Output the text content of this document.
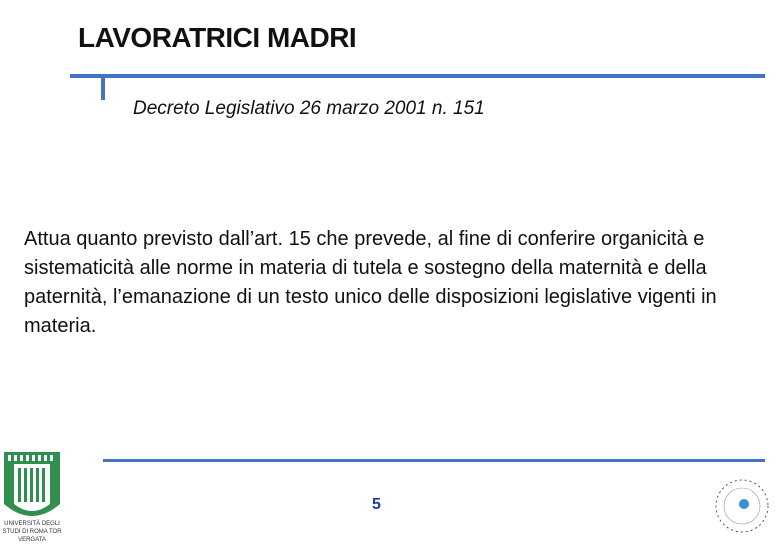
LAVORATRICI MADRI
Decreto Legislativo 26 marzo 2001 n. 151
Attua quanto previsto dall’art. 15 che prevede, al fine di conferire organicità e sistematicità alle norme in materia di tutela e sostegno della maternità e della paternità, l’emanazione di un testo unico delle disposizioni legislative vigenti in materia.
5
UNIVERSITÀ DEGLI STUDI DI ROMA TOR VERGATA
